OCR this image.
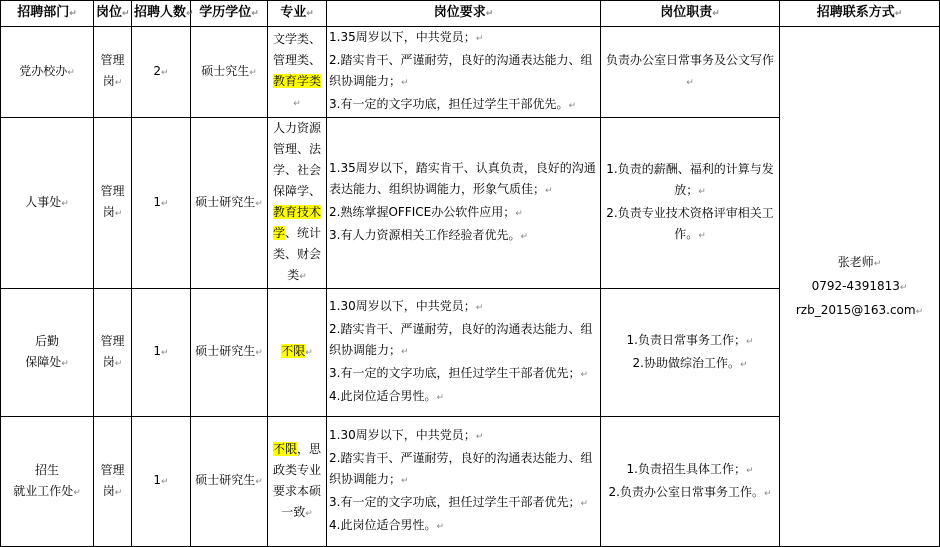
招聘部门↵	岗位↵	招聘人数↵	学历学位↵	专业↵	岗位要求↵	岗位职责↵	招聘联系方式↵
党办校办↵	管理
岗↵	2↵	硕士究生↵	文学类、管理类、教育学类↵	1.35周岁以下，中共党员；↵
2.踏实肯干、严谨耐劳，良好的沟通表达能力、组织协调能力；↵
3.有一定的文字功底，担任过学生干部优先。↵	负责办公室日常事务及公文写作↵	张老师↵
0792-4391813↵
rzb_2015@163.com↵

人事处↵	管理
岗↵	1↵	硕士研究生↵	人力资源管理、法学、社会保障学、教育技术学、统计类、财会类↵	1.35周岁以下，踏实肯干、认真负责，良好的沟通表达能力、组织协调能力，形象气质佳；↵
2.熟练掌握OFFICE办公软件应用；↵
3.有人力资源相关工作经验者优先。↵	1.负责的薪酬、福利的计算与发放；↵
2.负责专业技术资格评审相关工作。↵	

后勤
保障处↵	管理
岗↵	1↵	硕士研究生↵	不限↵	1.30周岁以下，中共党员；↵
2.踏实肯干、严谨耐劳，良好的沟通表达能力、组织协调能力；↵
3.有一定的文字功底，担任过学生干部者优先；↵
4.此岗位适合男性。↵	1.负责日常事务工作；↵
2.协助做综治工作。↵	

招生
就业工作处↵	管理
岗↵	1↵	硕士研究生↵	不限，思政类专业要求本硕一致↵	1.30周岁以下，中共党员；↵
2.踏实肯干、严谨耐劳，良好的沟通表达能力、组织协调能力；↵
3.有一定的文字功底，担任过学生干部者优先；↵
4.此岗位适合男性。↵	1.负责招生具体工作；↵
2.负责办公室日常事务工作。↵	
